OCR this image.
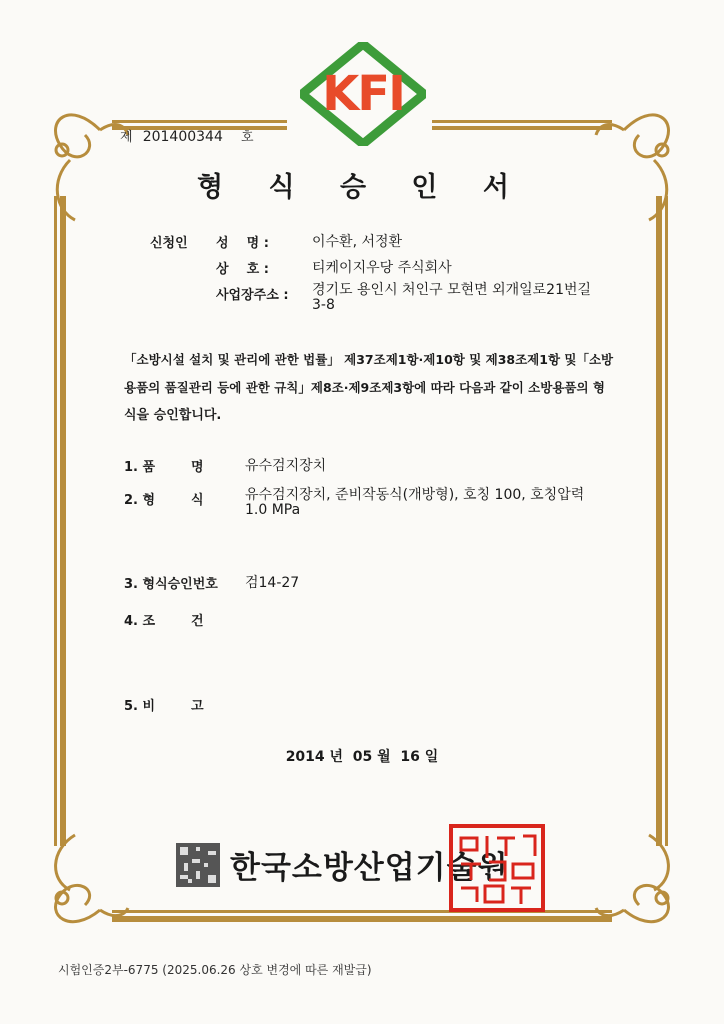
KFI
제 201400344 호
형 식 승 인 서
신청인 성    명 :	이수환, 서정환
상    호 :	티케이지우당 주식회사
사업장주소 : 경기도 용인시 처인구 모현면 외개일로21번길
3-8
「소방시설 설치 및 관리에 관한 법률」 제37조제1항·제10항 및 제38조제1항 및「소방
용품의 품질관리 등에 관한 규칙」제8조·제9조제3항에 따라 다음과 같이 소방용품의 형
식을 승인합니다.
1. 품	명	유수검지장치
2. 형	식	유수검지장치, 준비작동식(개방형), 호칭 100, 호칭압력
1.0 MPa
3. 형식승인번호 검14-27
4. 조	건
5. 비	고
2014 년  05 월  16 일
한국소방산업기술원
시험인증2부-6775 (2025.06.26 상호 변경에 따른 재발급)
